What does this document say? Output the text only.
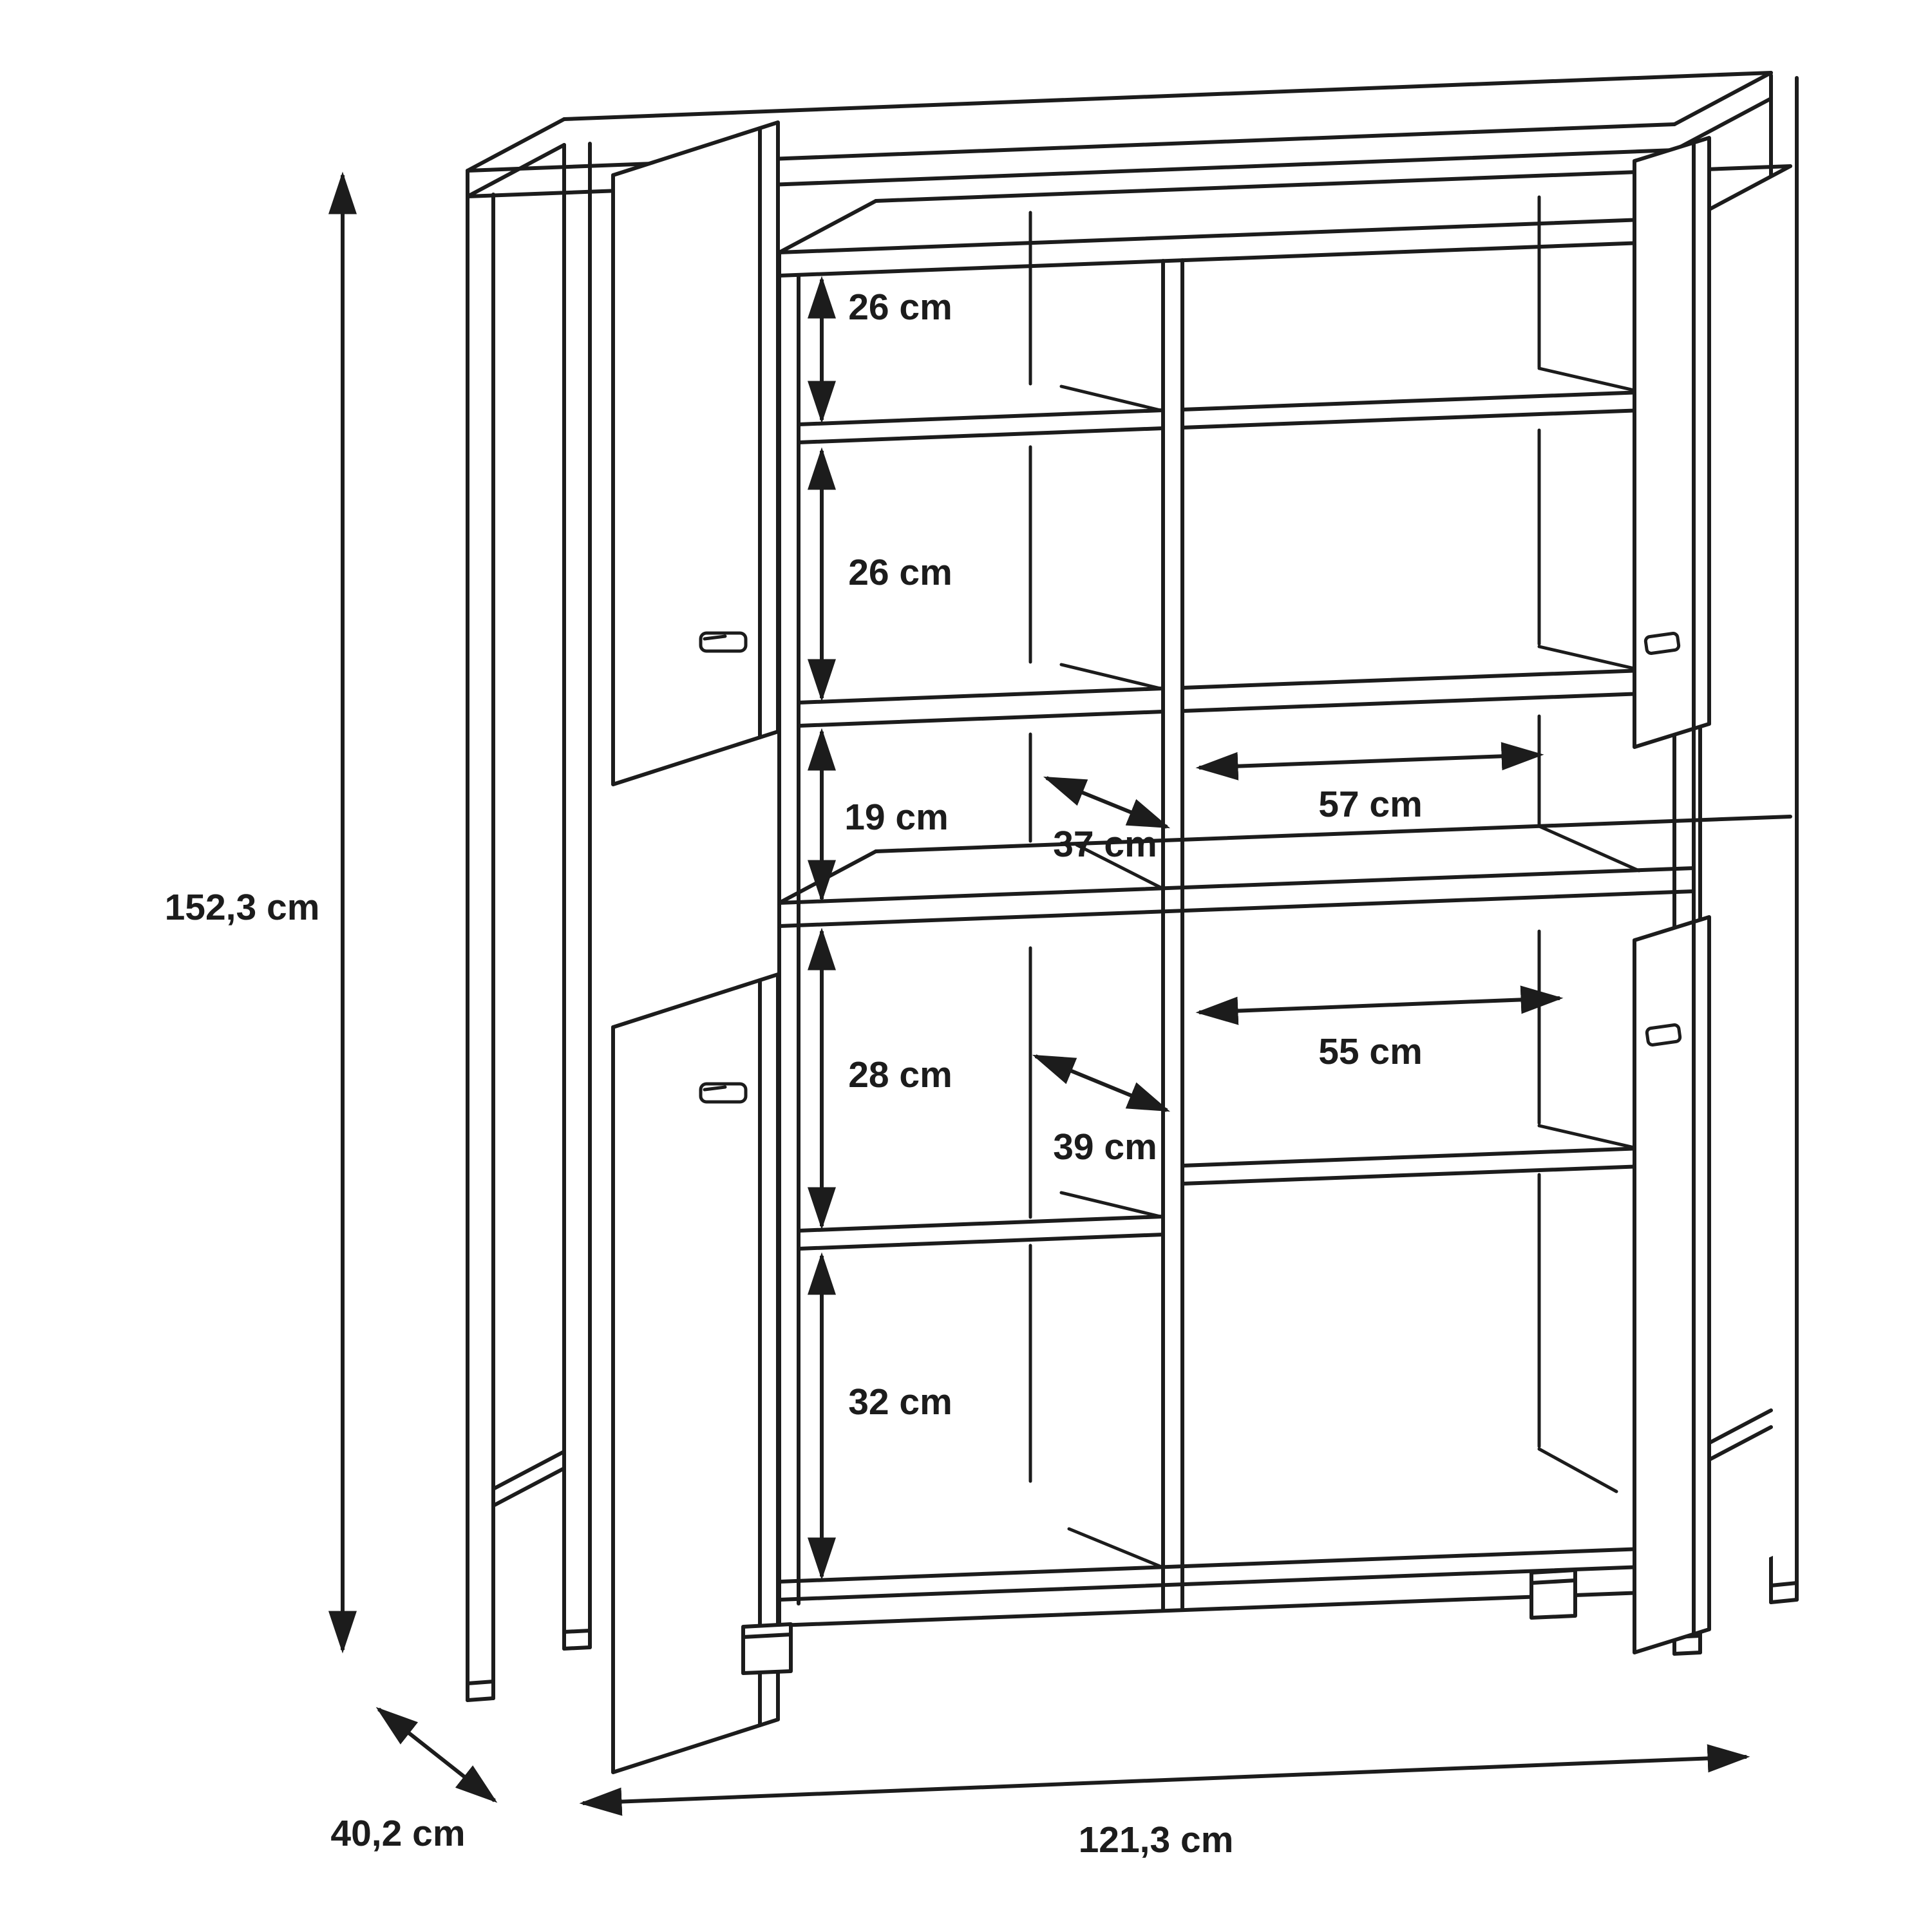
152,3 cm
26 cm
26 cm
19 cm
37 cm
57 cm
28 cm
39 cm
55 cm
32 cm
121,3 cm
40,2 cm
